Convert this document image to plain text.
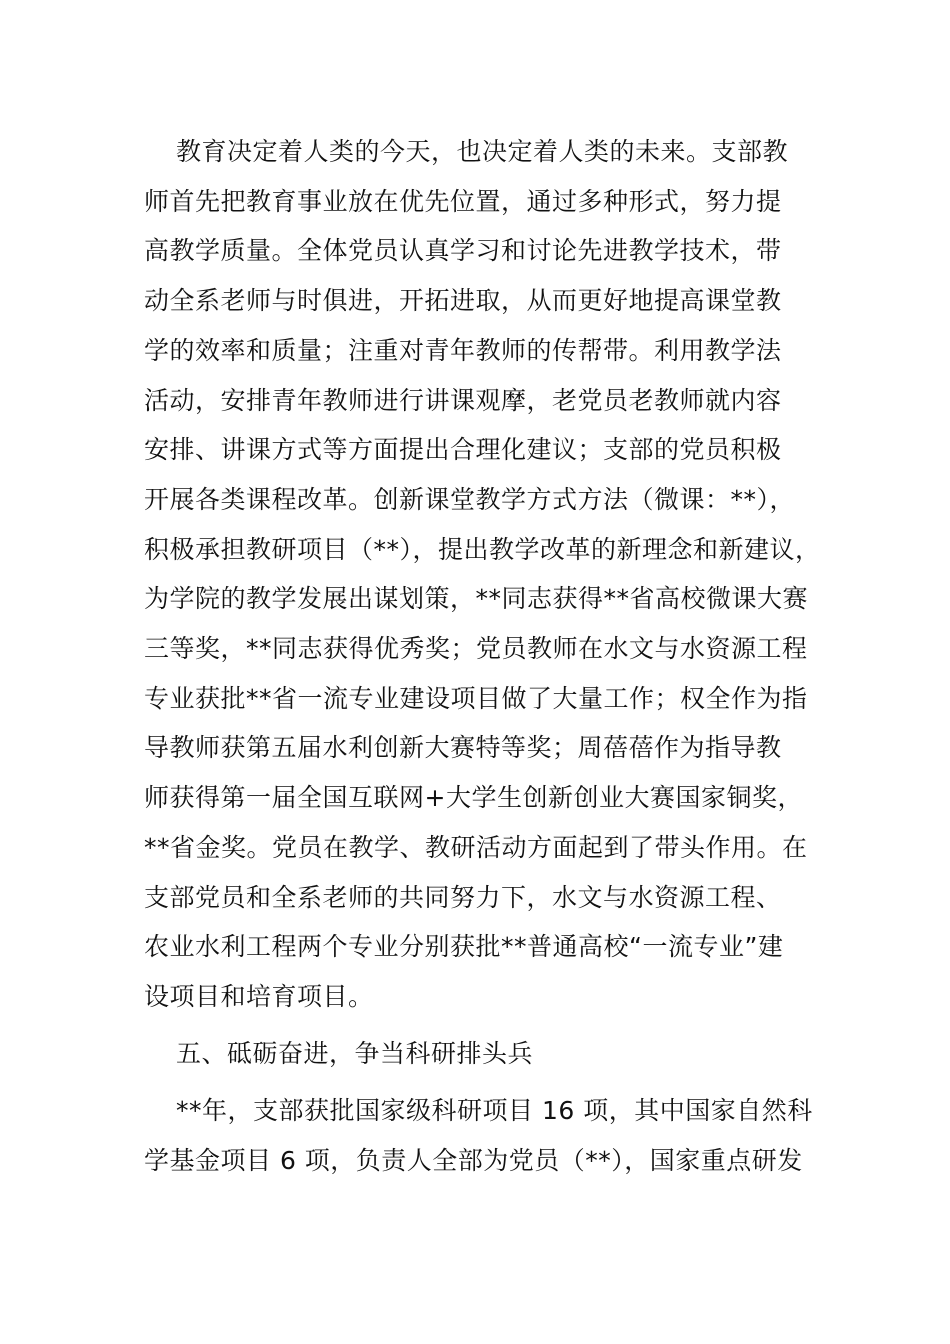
教育决定着人类的今天，也决定着人类的未来。支部教
师首先把教育事业放在优先位置，通过多种形式，努力提
高教学质量。全体党员认真学习和讨论先进教学技术，带
动全系老师与时俱进，开拓进取，从而更好地提高课堂教
学的效率和质量；注重对青年教师的传帮带。利用教学法
活动，安排青年教师进行讲课观摩，老党员老教师就内容
安排、讲课方式等方面提出合理化建议；支部的党员积极
开展各类课程改革。创新课堂教学方式方法（微课：**），
积极承担教研项目（**），提出教学改革的新理念和新建议，
为学院的教学发展出谋划策，**同志获得**省高校微课大赛
三等奖，**同志获得优秀奖；党员教师在水文与水资源工程
专业获批**省一流专业建设项目做了大量工作；权全作为指
导教师获第五届水利创新大赛特等奖；周蓓蓓作为指导教
师获得第一届全国互联网+大学生创新创业大赛国家铜奖，
**省金奖。党员在教学、教研活动方面起到了带头作用。在
支部党员和全系老师的共同努力下，水文与水资源工程、
农业水利工程两个专业分别获批**普通高校“一流专业”建
设项目和培育项目。
五、砥砺奋进，争当科研排头兵
**年，支部获批国家级科研项目 16 项，其中国家自然科
学基金项目 6 项，负责人全部为党员（**），国家重点研发
